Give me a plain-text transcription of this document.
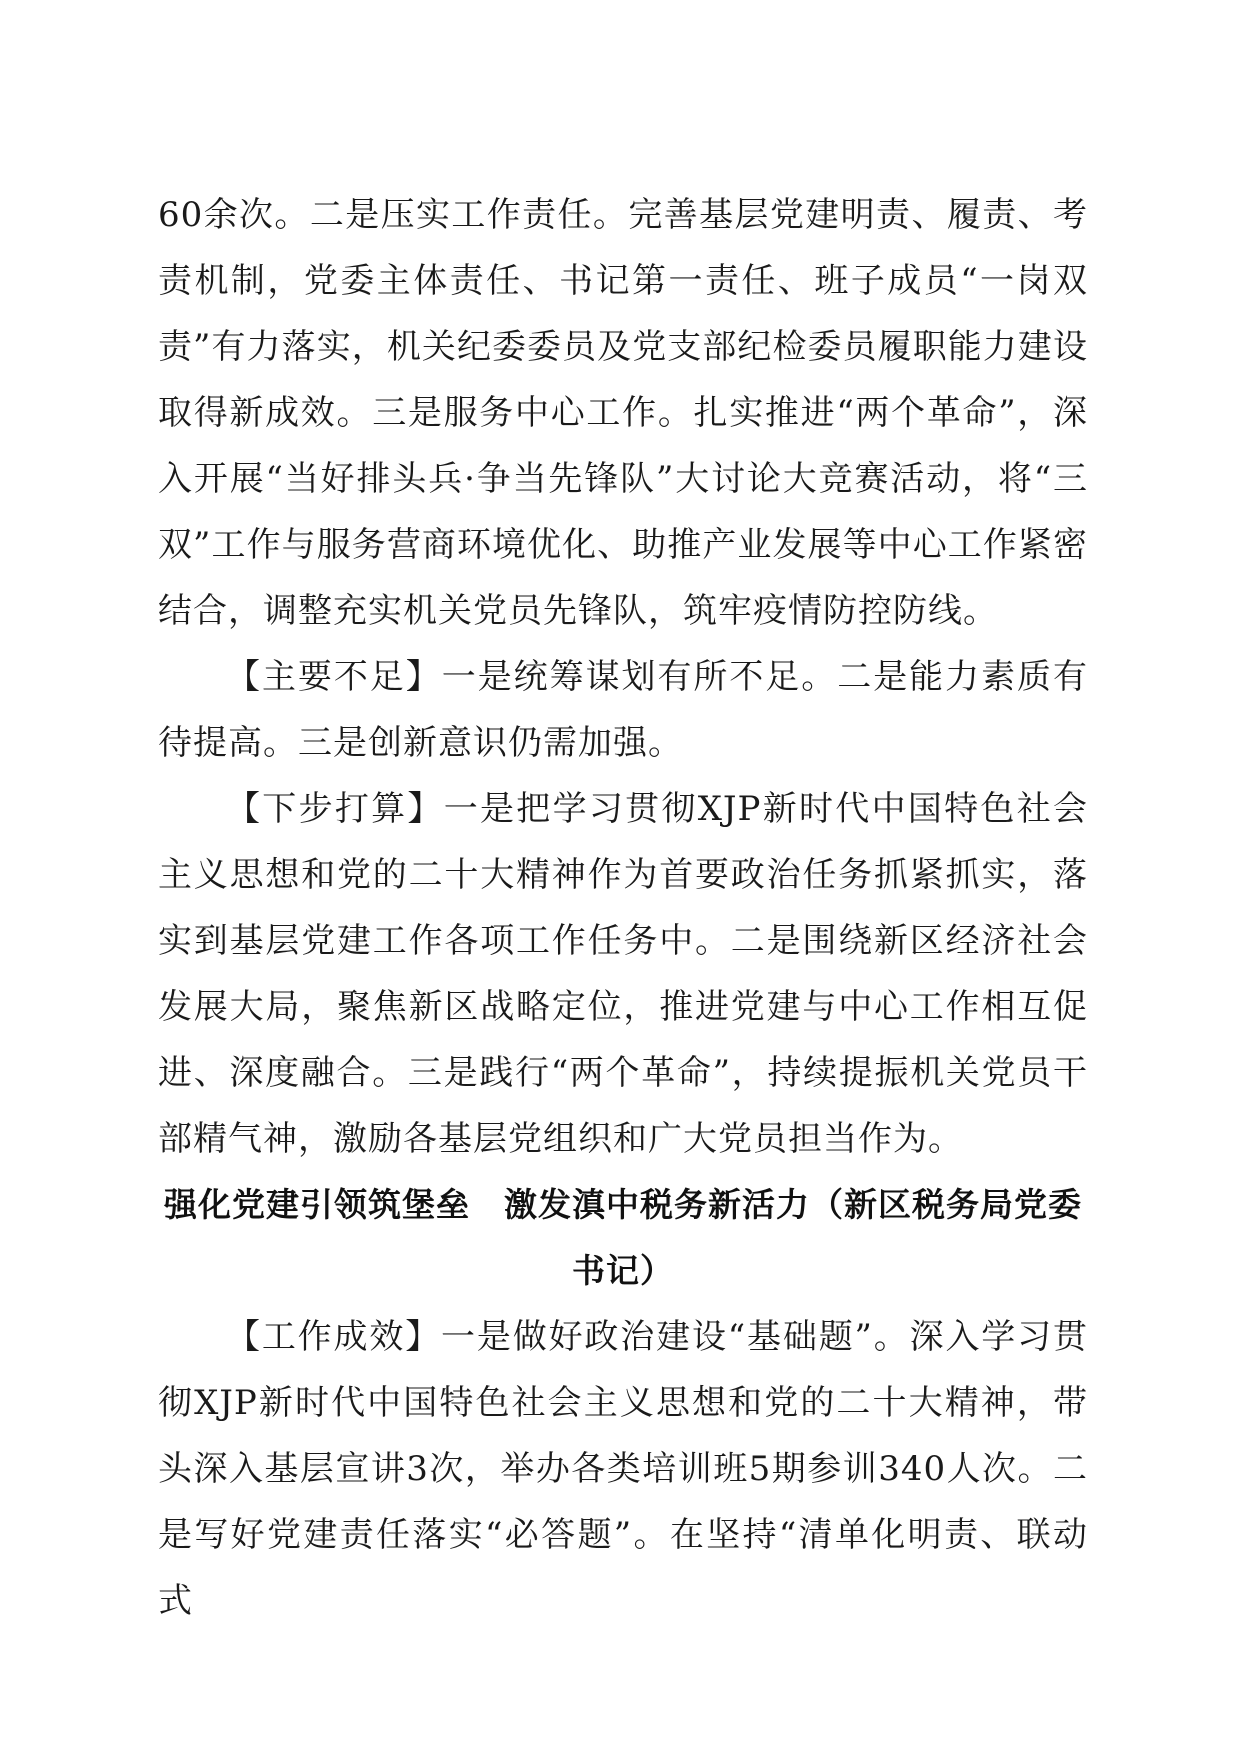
60余次。二是压实工作责任。完善基层党建明责、履责、考责机制，党委主体责任、书记第一责任、班子成员“一岗双责”有力落实，机关纪委委员及党支部纪检委员履职能力建设取得新成效。三是服务中心工作。扎实推进“两个革命”，深入开展“当好排头兵·争当先锋队”大讨论大竞赛活动，将“三双”工作与服务营商环境优化、助推产业发展等中心工作紧密结合，调整充实机关党员先锋队，筑牢疫情防控防线。

【主要不足】一是统筹谋划有所不足。二是能力素质有待提高。三是创新意识仍需加强。

【下步打算】一是把学习贯彻XJP新时代中国特色社会主义思想和党的二十大精神作为首要政治任务抓紧抓实，落实到基层党建工作各项工作任务中。二是围绕新区经济社会发展大局，聚焦新区战略定位，推进党建与中心工作相互促进、深度融合。三是践行“两个革命”，持续提振机关党员干部精气神，激励各基层党组织和广大党员担当作为。

强化党建引领筑堡垒　激发滇中税务新活力（新区税务局党委书记）

【工作成效】一是做好政治建设“基础题”。深入学习贯彻XJP新时代中国特色社会主义思想和党的二十大精神，带头深入基层宣讲3次，举办各类培训班5期参训340人次。二是写好党建责任落实“必答题”。在坚持“清单化明责、联动式
